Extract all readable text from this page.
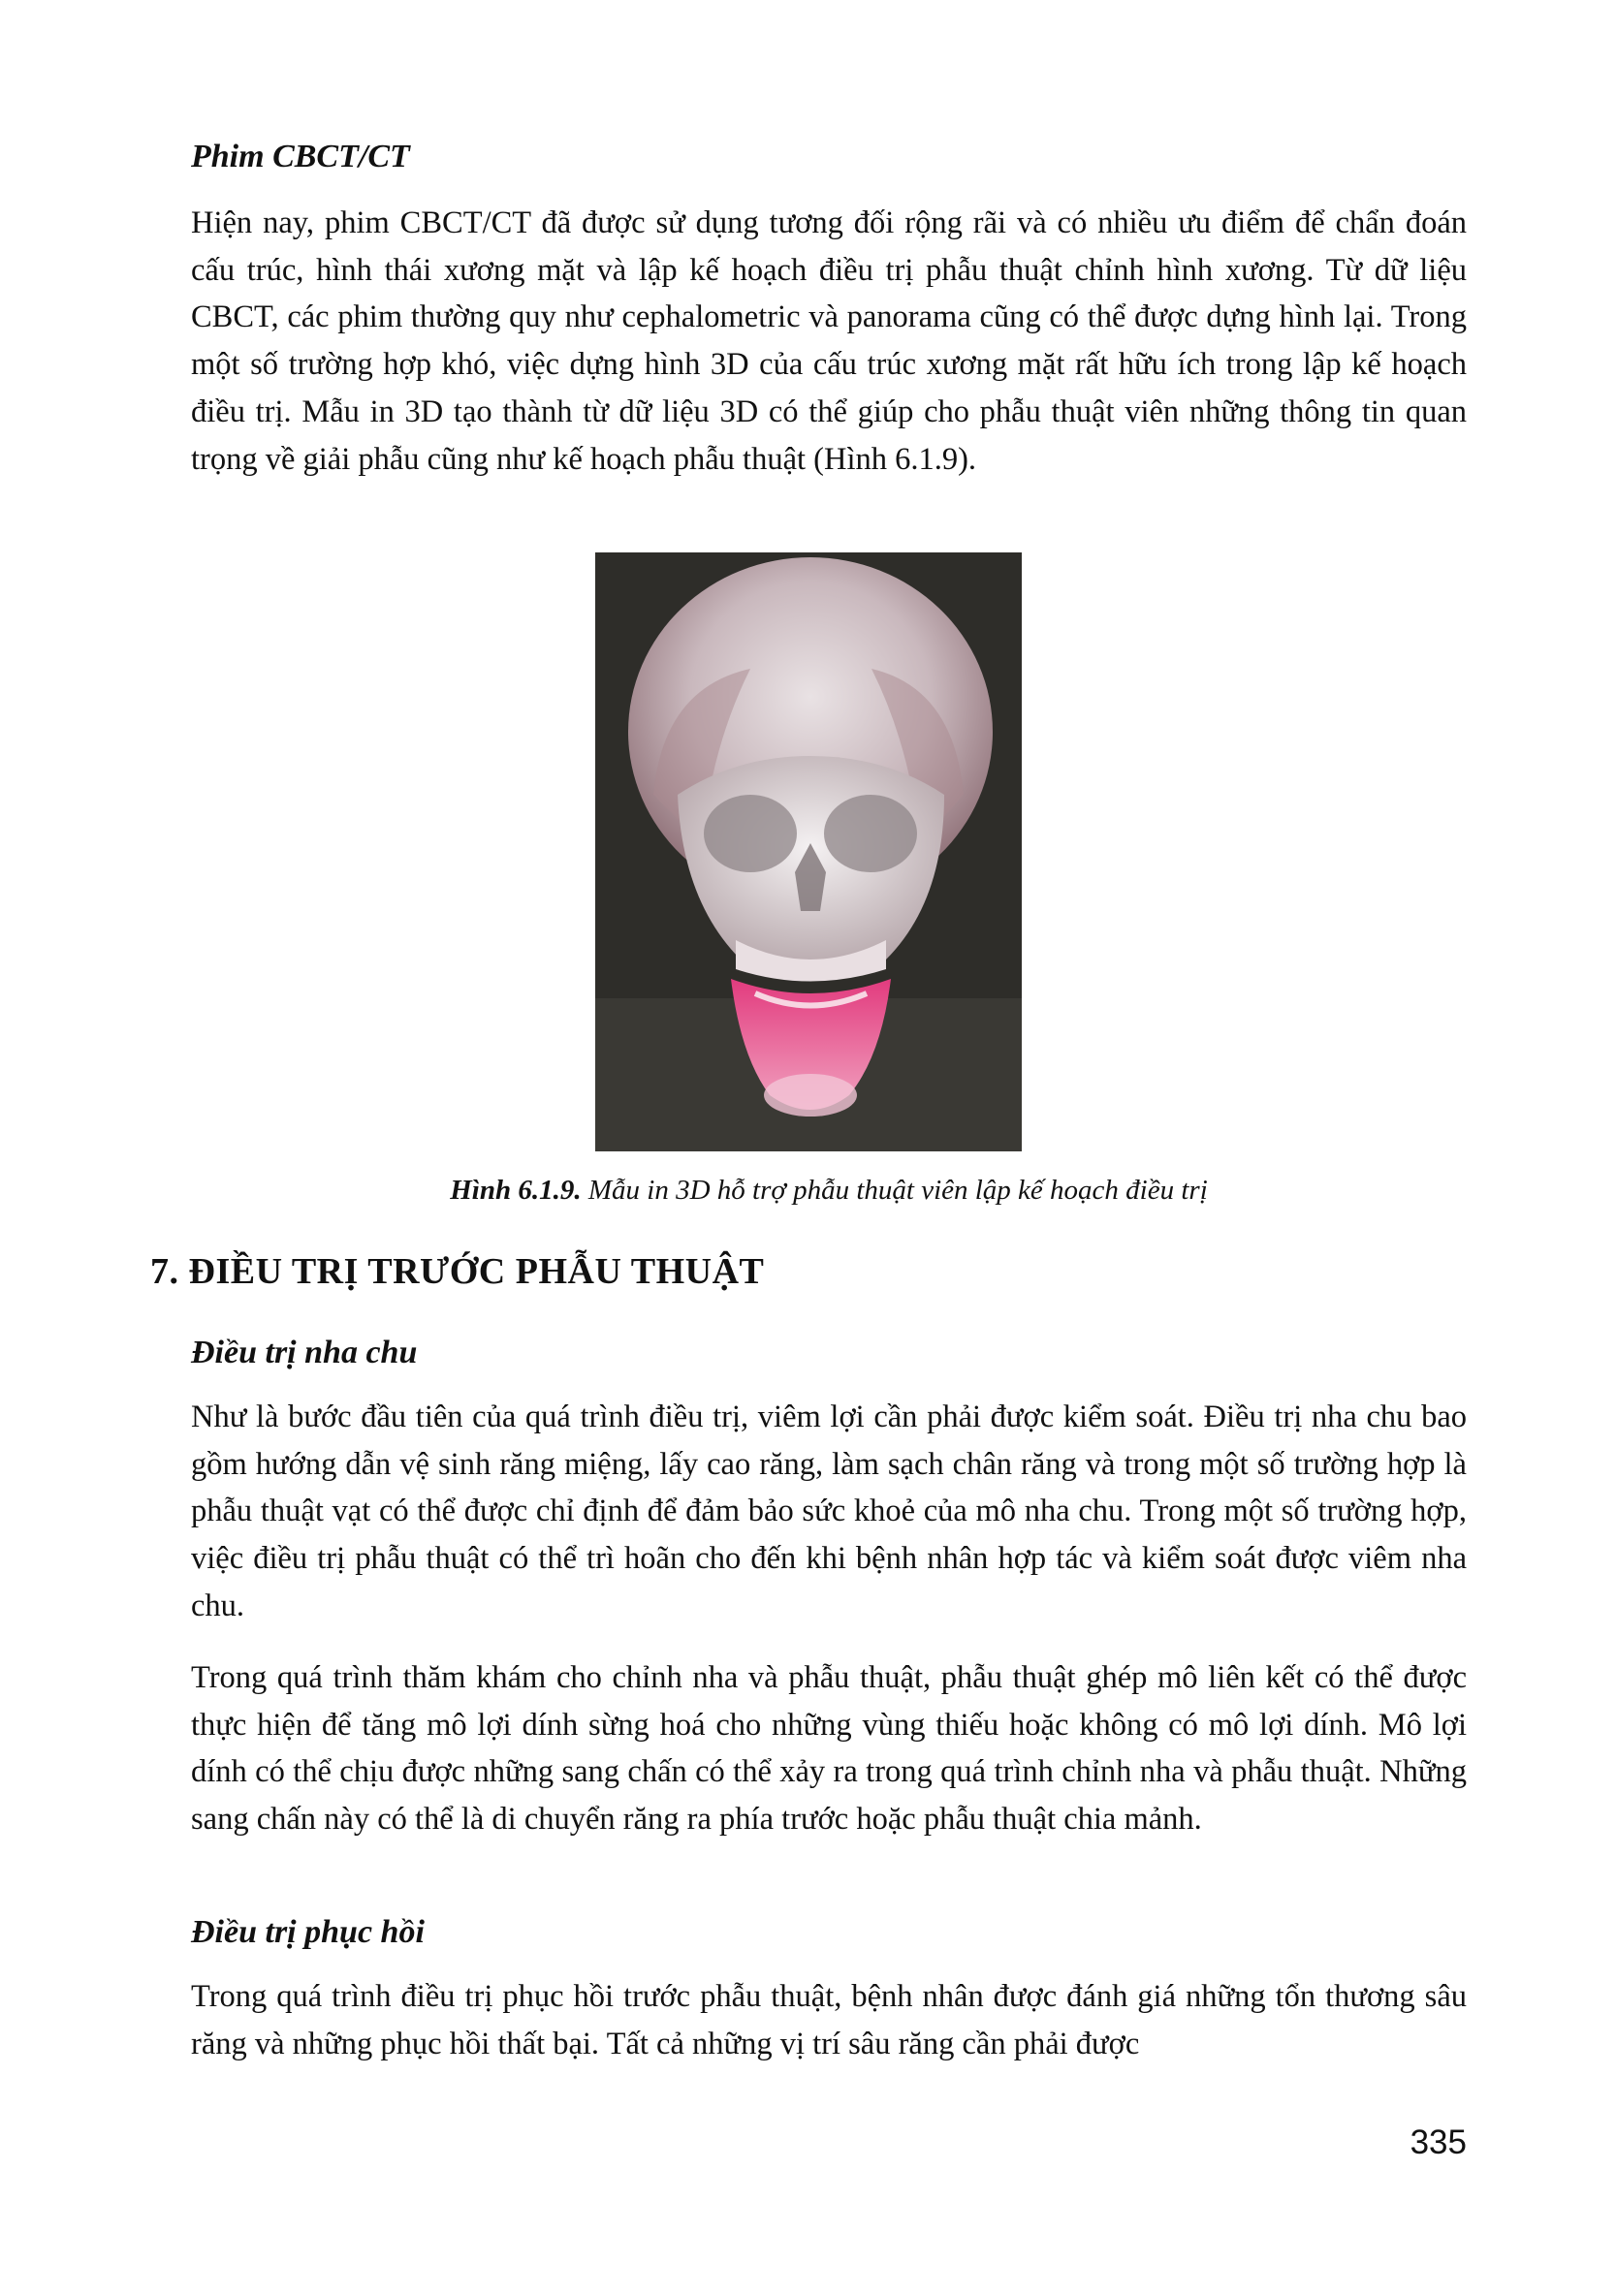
Phim CBCT/CT

Hiện nay, phim CBCT/CT đã được sử dụng tương đối rộng rãi và có nhiều ưu điểm để chẩn đoán cấu trúc, hình thái xương mặt và lập kế hoạch điều trị phẫu thuật chỉnh hình xương. Từ dữ liệu CBCT, các phim thường quy như cephalometric và panorama cũng có thể được dựng hình lại. Trong một số trường hợp khó, việc dựng hình 3D của cấu trúc xương mặt rất hữu ích trong lập kế hoạch điều trị. Mẫu in 3D tạo thành từ dữ liệu 3D có thể giúp cho phẫu thuật viên những thông tin quan trọng về giải phẫu cũng như kế hoạch phẫu thuật (Hình 6.1.9).

Hình 6.1.9. Mẫu in 3D hỗ trợ phẫu thuật viên lập kế hoạch điều trị

7. ĐIỀU TRỊ TRƯỚC PHẪU THUẬT
Điều trị nha chu

Như là bước đầu tiên của quá trình điều trị, viêm lợi cần phải được kiểm soát. Điều trị nha chu bao gồm hướng dẫn vệ sinh răng miệng, lấy cao răng, làm sạch chân răng và trong một số trường hợp là phẫu thuật vạt có thể được chỉ định để đảm bảo sức khoẻ của mô nha chu. Trong một số trường hợp, việc điều trị phẫu thuật có thể trì hoãn cho đến khi bệnh nhân hợp tác và kiểm soát được viêm nha chu.

Trong quá trình thăm khám cho chỉnh nha và phẫu thuật, phẫu thuật ghép mô liên kết có thể được thực hiện để tăng mô lợi dính sừng hoá cho những vùng thiếu hoặc không có mô lợi dính. Mô lợi dính có thể chịu được những sang chấn có thể xảy ra trong quá trình chỉnh nha và phẫu thuật. Những sang chấn này có thể là di chuyển răng ra phía trước hoặc phẫu thuật chia mảnh.

Điều trị phục hồi

Trong quá trình điều trị phục hồi trước phẫu thuật, bệnh nhân được đánh giá những tổn thương sâu răng và những phục hồi thất bại. Tất cả những vị trí sâu răng cần phải được

335
